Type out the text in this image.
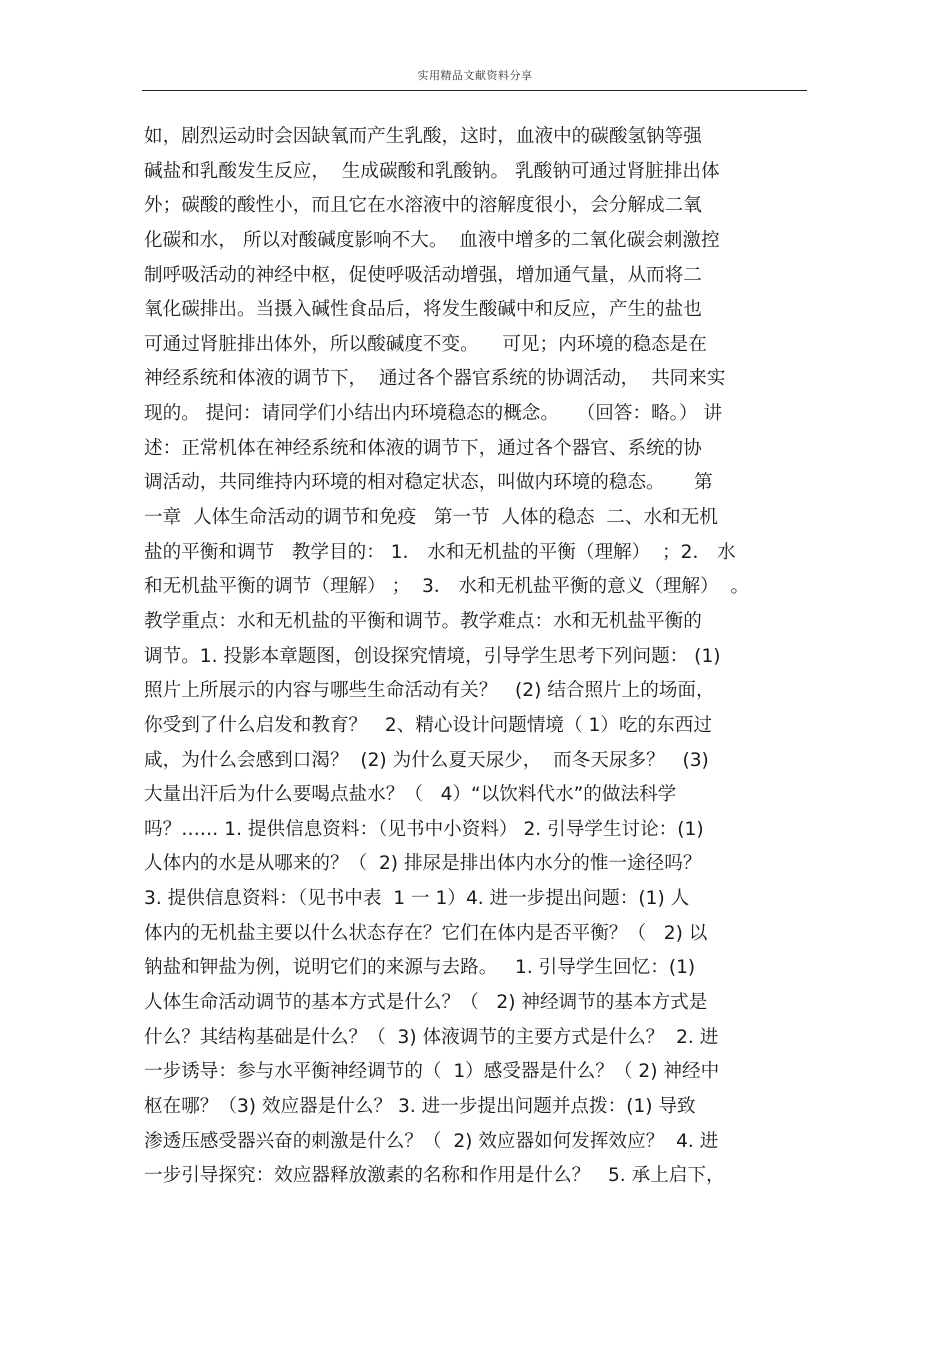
实用精品文献资料分享
如，剧烈运动时会因缺氧而产生乳酸，这时，血液中的碳酸氢钠等强
碱盐和乳酸发生反应，  生成碳酸和乳酸钠。 乳酸钠可通过肾脏排出体
外；碳酸的酸性小，而且它在水溶液中的溶解度很小，会分解成二氧
化碳和水， 所以对酸碱度影响不大。  血液中增多的二氧化碳会刺激控
制呼吸活动的神经中枢，促使呼吸活动增强，增加通气量，从而将二
氧化碳排出。当摄入碱性食品后，将发生酸碱中和反应，产生的盐也
可通过肾脏排出体外，所以酸碱度不变。    可见；内环境的稳态是在
神经系统和体液的调节下，  通过各个器官系统的协调活动，  共同来实
现的。 提问：请同学们小结出内环境稳态的概念。   （回答：略。） 讲
述：正常机体在神经系统和体液的调节下，通过各个器官、系统的协
调活动，共同维持内环境的相对稳定状态，叫做内环境的稳态。     第
一章  人体生命活动的调节和免疫   第一节  人体的稳态  二、水和无机
盐的平衡和调节   教学目的： 1． 水和无机盐的平衡（理解）  ；2． 水
和无机盐平衡的调节（理解） ；  3． 水和无机盐平衡的意义（理解）  。
教学重点：水和无机盐的平衡和调节。教学难点：水和无机盐平衡的
调节。1. 投影本章题图，创设探究情境，引导学生思考下列问题： (1)
照片上所展示的内容与哪些生命活动有关？   (2) 结合照片上的场面，
你受到了什么启发和教育？   2、精心设计问题情境（ 1）吃的东西过
咸，为什么会感到口渴？  (2) 为什么夏天尿少，  而冬天尿多？   (3)
大量出汗后为什么要喝点盐水？（   4）“以饮料代水”的做法科学
吗？…… 1. 提供信息资料：（见书中小资料） 2. 引导学生讨论：(1)
人体内的水是从哪来的？（  2) 排尿是排出体内水分的惟一途径吗？
3. 提供信息资料：（见书中表  1 一 1）4. 进一步提出问题：(1) 人
体内的无机盐主要以什么状态存在？它们在体内是否平衡？（   2) 以
钠盐和钾盐为例，说明它们的来源与去路。   1. 引导学生回忆：(1)
人体生命活动调节的基本方式是什么？（   2) 神经调节的基本方式是
什么？其结构基础是什么？（  3) 体液调节的主要方式是什么？  2. 进
一步诱导：参与水平衡神经调节的（  1）感受器是什么？（ 2) 神经中
枢在哪？（3) 效应器是什么？ 3. 进一步提出问题并点拨：(1) 导致
渗透压感受器兴奋的刺激是什么？（  2) 效应器如何发挥效应？  4. 进
一步引导探究：效应器释放激素的名称和作用是什么？   5. 承上启下，
